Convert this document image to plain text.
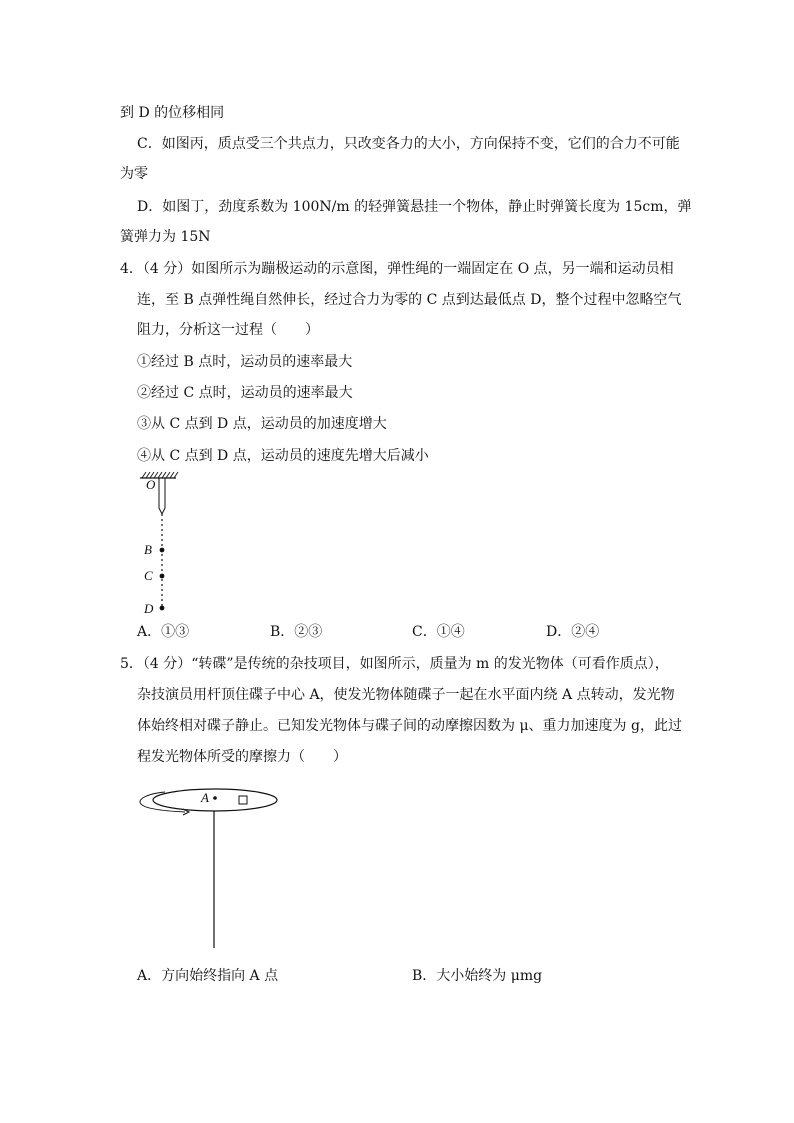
到 D 的位移相同
C．如图丙，质点受三个共点力，只改变各力的大小，方向保持不变，它们的合力不可能
为零
D．如图丁，劲度系数为 100N/m 的轻弹簧悬挂一个物体，静止时弹簧长度为 15cm，弹
簧弹力为 15N
4．（4 分）如图所示为蹦极运动的示意图，弹性绳的一端固定在 O 点，另一端和运动员相
连，至 B 点弹性绳自然伸长，经过合力为零的 C 点到达最低点 D，整个过程中忽略空气
阻力，分析这一过程（　　）
①经过 B 点时，运动员的速率最大
②经过 C 点时，运动员的速率最大
③从 C 点到 D 点，运动员的加速度增大
④从 C 点到 D 点，运动员的速度先增大后减小
O
B
C
D
A．①③	B．②③	C．①④	D．②④
5．（4 分）“转碟”是传统的杂技项目，如图所示，质量为 m 的发光物体（可看作质点），
杂技演员用杆顶住碟子中心 A，使发光物体随碟子一起在水平面内绕 A 点转动，发光物
体始终相对碟子静止。已知发光物体与碟子间的动摩擦因数为 μ、重力加速度为 g，此过
程发光物体所受的摩擦力（　　）
A
A．方向始终指向 A 点	B．大小始终为 μmg
